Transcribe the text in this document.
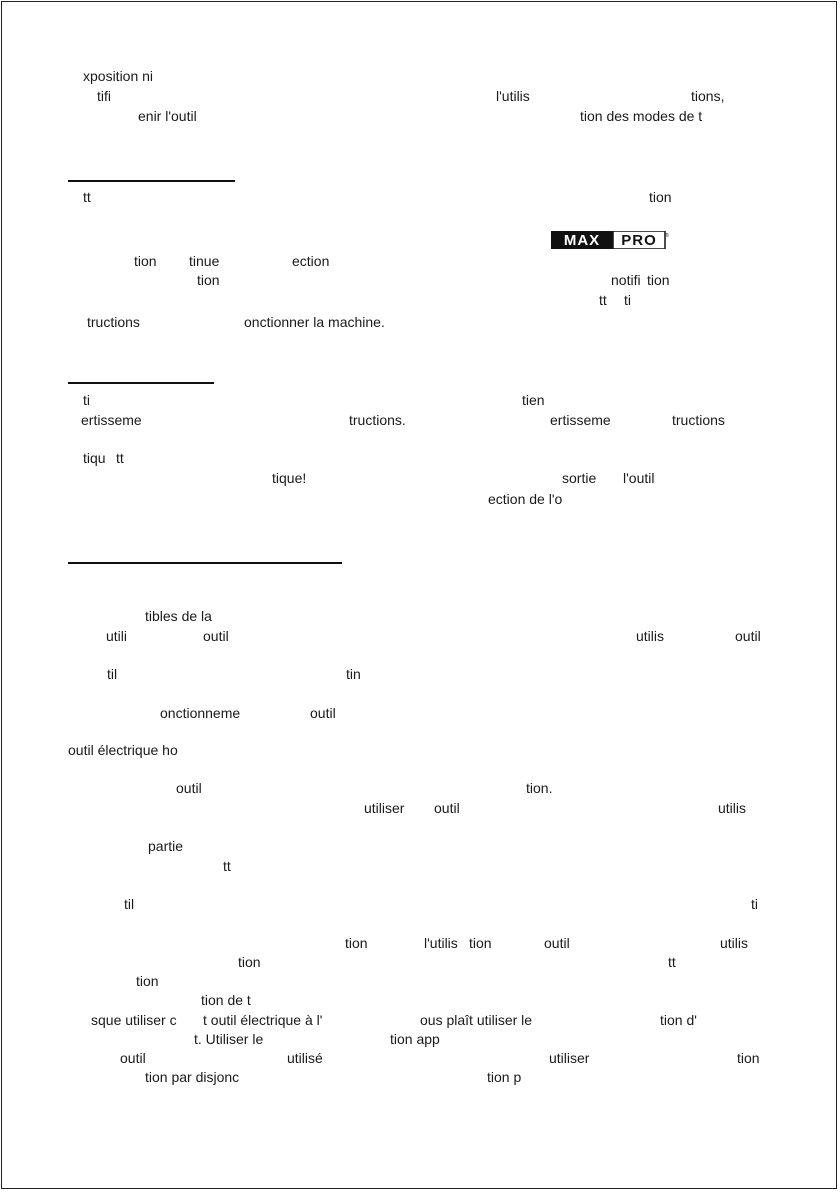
xposition ni
tifi	l'utilis	tions,
enir l'outil	tion des modes de t
tt	tion
MAX PRO ®
tion tinue	ection
tion	notifi tion
tt ti
tructions	onctionner la machine.
ti	tien
ertisseme	tructions.	ertisseme	tructions
tiqu tt
tique!	sortie l'outil
ection de l'o
tibles de la
utili	outil	utilis	outil
til	tin
onctionneme	outil
outil électrique ho
outil	tion.
utiliser outil	utilis
partie
tt
til	ti
tion	l'utilis tion	outil	utilis
tion	tt
tion
tion de t
sque utiliser c t outil électrique à l'	ous plaît utiliser le	tion d'
t. Utiliser le	tion app
outil	utilisé	utiliser	tion
tion par disjonc	tion p
